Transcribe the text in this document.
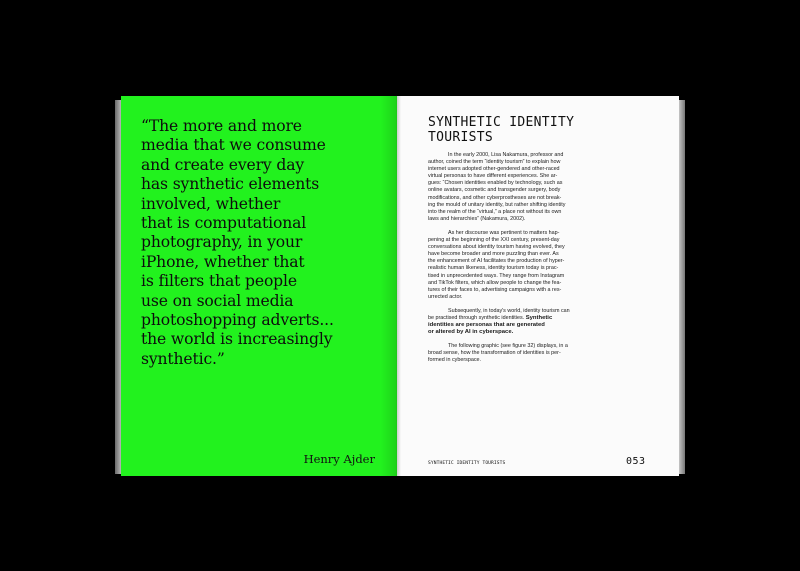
“The more and more
media that we consume
and create every day
has synthetic elements
involved, whether
that is computational
photography, in your
iPhone, whether that
is filters that people
use on social media
photoshopping adverts...
the world is increasingly
synthetic.”

Henry Ajder
SYNTHETIC IDENTITY
TOURISTS

In the early 2000, Lisa Nakamura, professor and
author, coined the term “identity tourism” to explain how
internet users adopted other-gendered and other-raced
virtual personas to have different experiences. She ar-
gues: “Chosen identities enabled by technology, such as
online avatars, cosmetic and transgender surgery, body
modifications, and other cyberprostheses are not break-
ing the mould of unitary identity, but rather shifting identity
into the realm of the “virtual,” a place not without its own
laws and hierarchies” (Nakamura, 2002).

As her discourse was pertinent to matters hap-
pening at the beginning of the XXI century, present-day
conversations about identity tourism having evolved, they
have become broader and more puzzling than ever. As
the enhancement of AI facilitates the production of hyper-
realistic human likeness, identity tourism today is prac-
tised in unprecedented ways. They range from Instagram
and TikTok filters, which allow people to change the fea-
tures of their faces to, advertising campaigns with a res-
urrected actor.

Subsequently, in today's world, identity tourism can
be practised through synthetic identities. Synthetic
identities are personas that are generated
or altered by AI in cyberspace.

The following graphic (see figure 32) displays, in a
broad sense, how the transformation of identities is per-
formed in cyberspace.

SYNTHETIC IDENTITY TOURISTS	053
